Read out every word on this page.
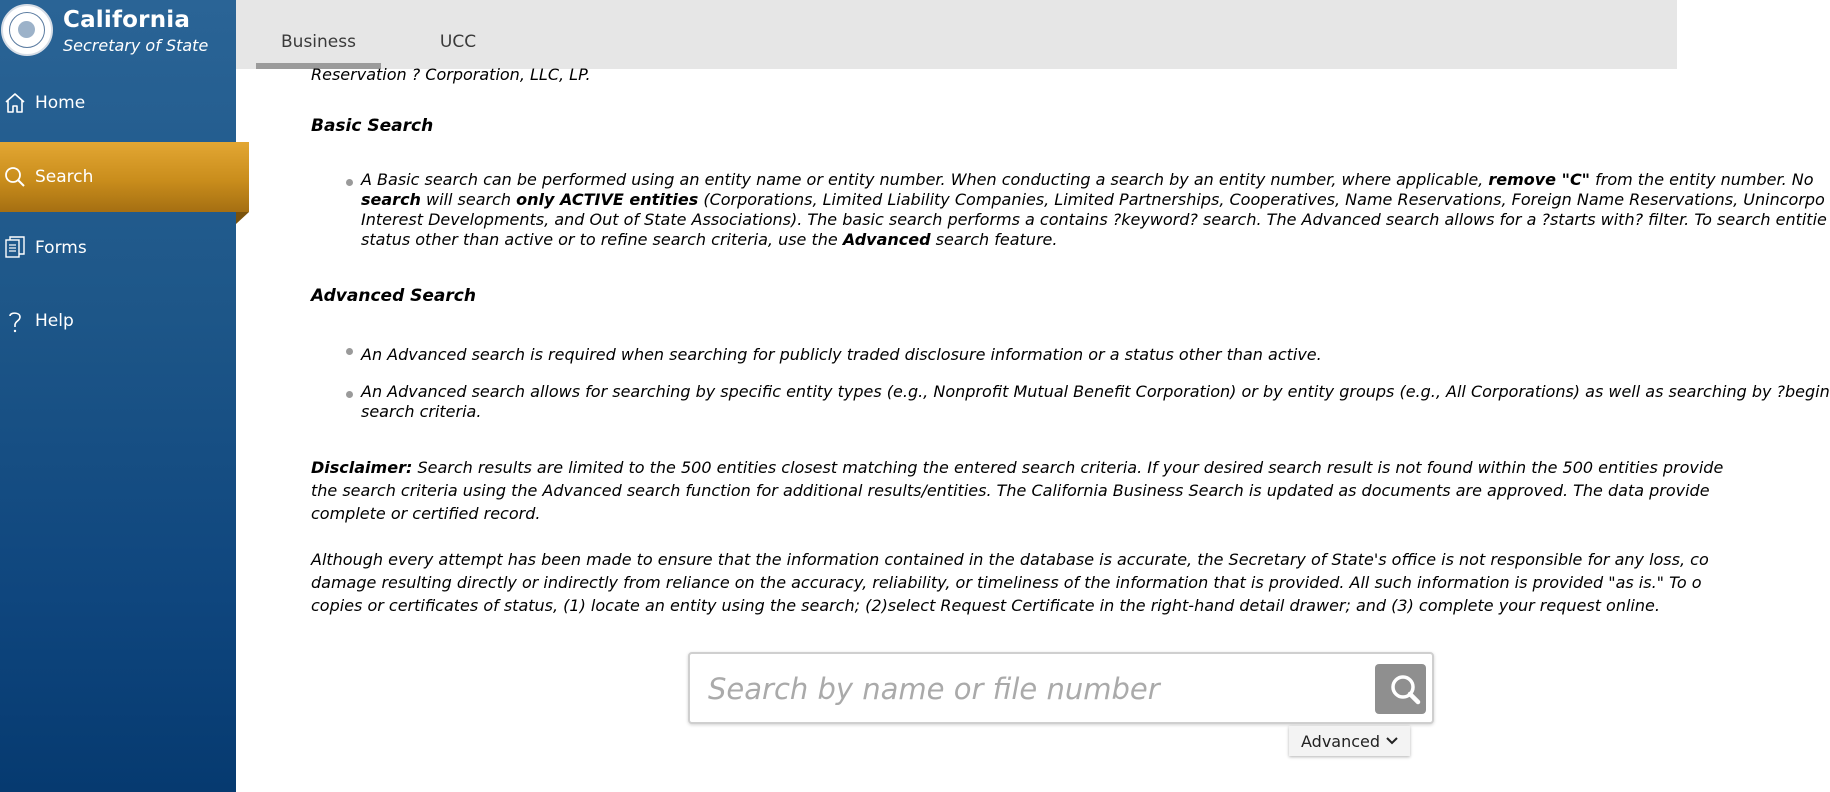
California
Secretary of State
Home
Search
Forms
Help
Business	UCC
Reservation ? Corporation, LLC, LP.
Basic Search
A Basic search can be performed using an entity name or entity number. When conducting a search by an entity number, where applicable, remove "C" from the entity number. No
search will search only ACTIVE entities (Corporations, Limited Liability Companies, Limited Partnerships, Cooperatives, Name Reservations, Foreign Name Reservations, Unincorpo
Interest Developments, and Out of State Associations). The basic search performs a contains ?keyword? search. The Advanced search allows for a ?starts with? filter. To search entitie
status other than active or to refine search criteria, use the Advanced search feature.
Advanced Search
An Advanced search is required when searching for publicly traded disclosure information or a status other than active.
An Advanced search allows for searching by specific entity types (e.g., Nonprofit Mutual Benefit Corporation) or by entity groups (e.g., All Corporations) as well as searching by ?begin
search criteria.
Disclaimer: Search results are limited to the 500 entities closest matching the entered search criteria. If your desired search result is not found within the 500 entities provide
the search criteria using the Advanced search function for additional results/entities. The California Business Search is updated as documents are approved. The data provide
complete or certified record.
Although every attempt has been made to ensure that the information contained in the database is accurate, the Secretary of State's office is not responsible for any loss, co
damage resulting directly or indirectly from reliance on the accuracy, reliability, or timeliness of the information that is provided. All such information is provided "as is." To o
copies or certificates of status, (1) locate an entity using the search; (2)select Request Certificate in the right-hand detail drawer; and (3) complete your request online.
Search by name or file number
Advanced
